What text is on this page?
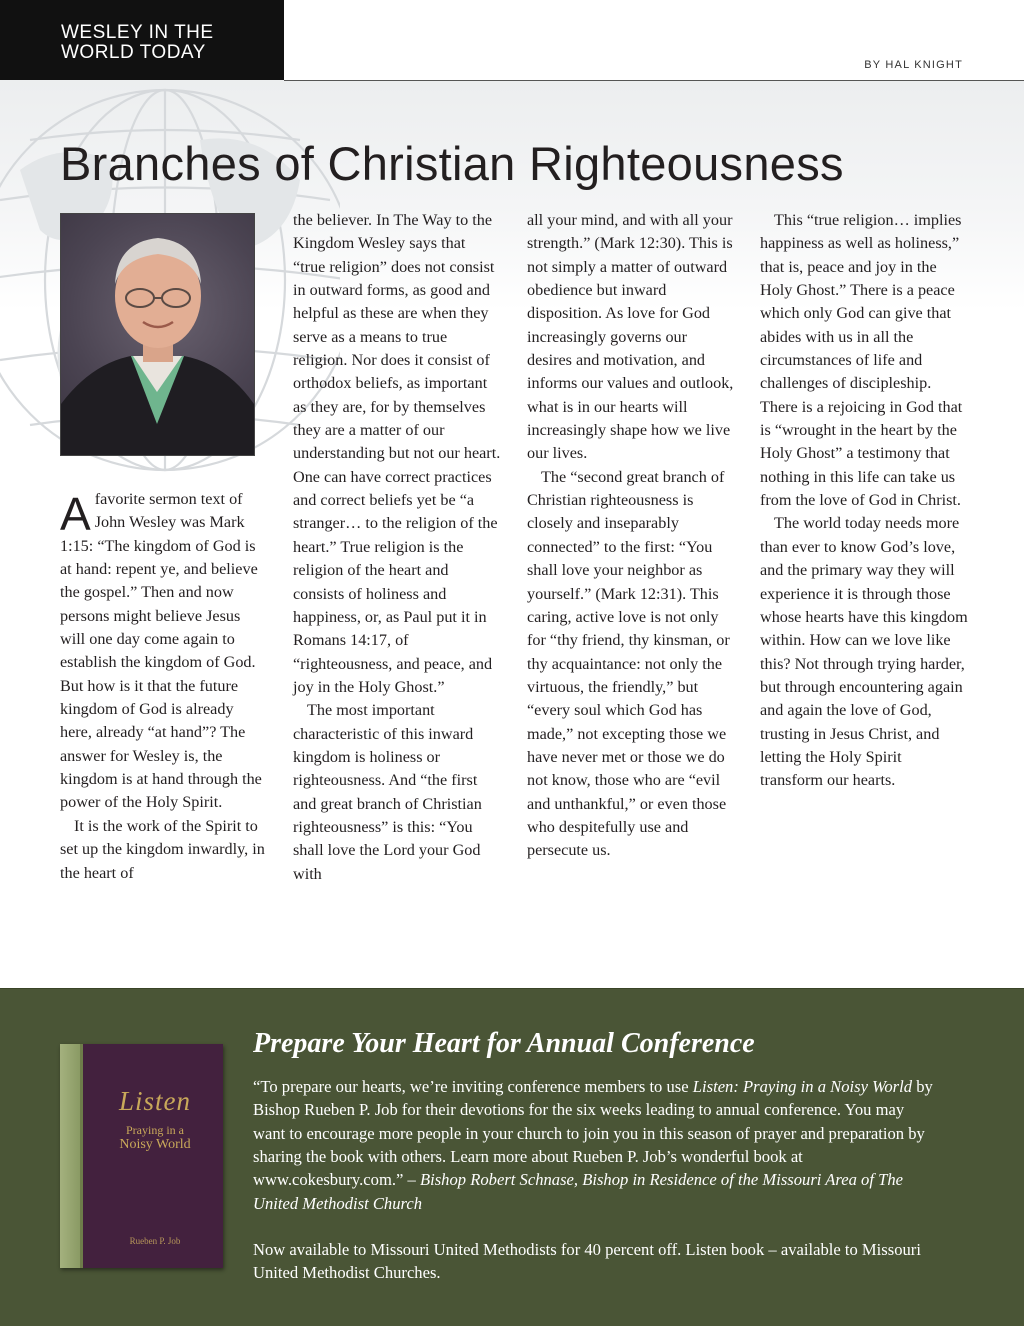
WESLEY IN THE
WORLD TODAY
BY HAL KNIGHT
Branches of Christian Righteousness

Afavorite sermon text of John Wesley was Mark 1:15: “The kingdom of God is at hand: repent ye, and believe the gospel.” Then and now persons might believe Jesus will one day come again to establish the kingdom of God. But how is it that the future kingdom of God is already here, already “at hand”? The answer for Wesley is, the kingdom is at hand through the power of the Holy Spirit.

It is the work of the Spirit to set up the kingdom inwardly, in the heart of

the believer. In The Way to the Kingdom Wesley says that “true religion” does not consist in outward forms, as good and helpful as these are when they serve as a means to true religion. Nor does it consist of orthodox beliefs, as important as they are, for by themselves they are a matter of our understanding but not our heart. One can have correct practices and correct beliefs yet be “a stranger… to the religion of the heart.” True religion is the religion of the heart and consists of holiness and happiness, or, as Paul put it in Romans 14:17, of “righteousness, and peace, and joy in the Holy Ghost.”

The most important characteristic of this inward kingdom is holiness or righteousness. And “the first and great branch of Christian righteousness” is this: “You shall love the Lord your God with

all your mind, and with all your strength.” (Mark 12:30). This is not simply a matter of outward obedience but inward disposition. As love for God increasingly governs our desires and motivation, and informs our values and outlook, what is in our hearts will increasingly shape how we live our lives.

The “second great branch of Christian righteousness is closely and inseparably connected” to the first: “You shall love your neighbor as yourself.” (Mark 12:31). This caring, active love is not only for “thy friend, thy kinsman, or thy acquaintance: not only the virtuous, the friendly,” but “every soul which God has made,” not excepting those we have never met or those we do not know, those who are “evil and unthankful,” or even those who despitefully use and persecute us.

This “true religion… implies happiness as well as holiness,” that is, peace and joy in the Holy Ghost.” There is a peace which only God can give that abides with us in all the circumstances of life and challenges of discipleship. There is a rejoicing in God that is “wrought in the heart by the Holy Ghost” a testimony that nothing in this life can take us from the love of God in Christ.

The world today needs more than ever to know God’s love, and the primary way they will experience it is through those whose hearts have this kingdom within. How can we love like this? Not through trying harder, but through encountering again and again the love of God, trusting in Jesus Christ, and letting the Holy Spirit transform our hearts.

Listen
Praying in a
Noisy World
Rueben P. Job
Prepare Your Heart for Annual Conference

“To prepare our hearts, we’re inviting conference members to use Listen: Praying in a Noisy World by Bishop Rueben P. Job for their devotions for the six weeks leading to annual conference. You may want to encourage more people in your church to join you in this season of prayer and preparation by sharing the book with others. Learn more about Rueben P. Job’s wonderful book at www.cokesbury.com.” – Bishop Robert Schnase, Bishop in Residence of the Missouri Area of The United Methodist Church

Now available to Missouri United Methodists for 40 percent off. Listen book – available to Missouri United Methodist Churches.
